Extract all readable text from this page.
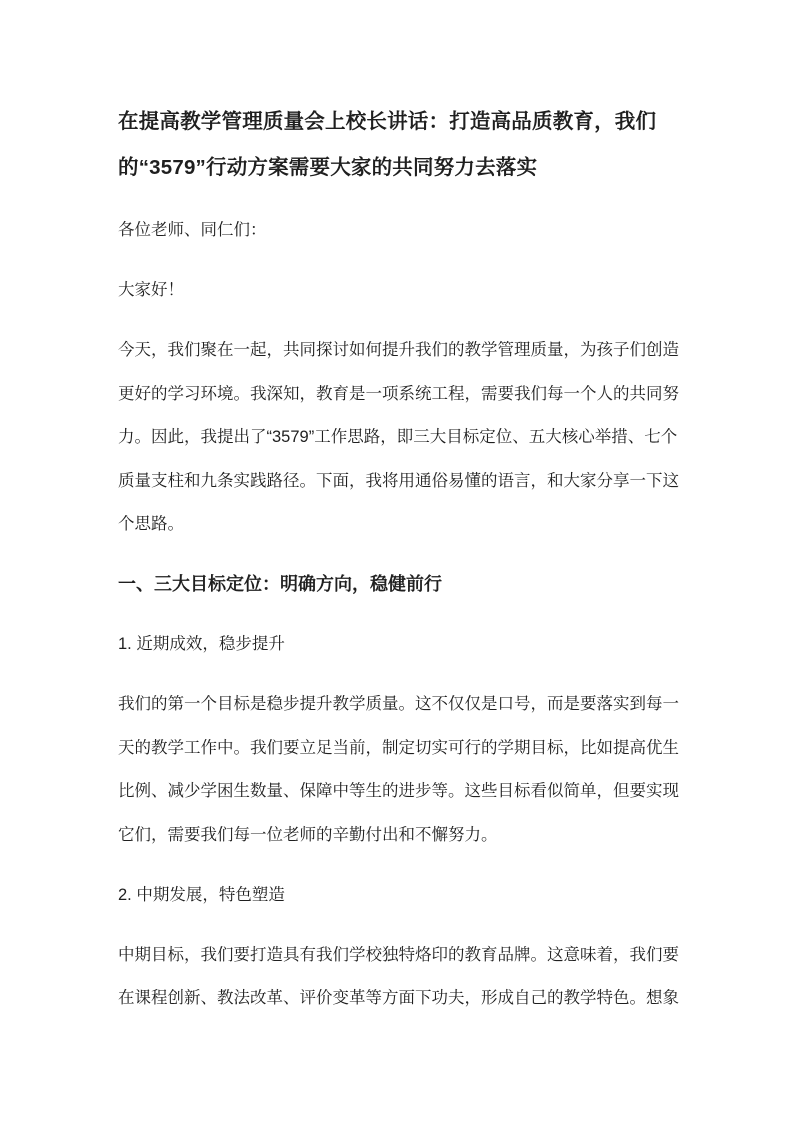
在提高教学管理质量会上校长讲话：打造高品质教育，我们的“3579”行动方案需要大家的共同努力去落实

各位老师、同仁们：

大家好！

今天，我们聚在一起，共同探讨如何提升我们的教学管理质量，为孩子们创造更好的学习环境。我深知，教育是一项系统工程，需要我们每一个人的共同努力。因此，我提出了“3579”工作思路，即三大目标定位、五大核心举措、七个质量支柱和九条实践路径。下面，我将用通俗易懂的语言，和大家分享一下这个思路。

一、三大目标定位：明确方向，稳健前行

1. 近期成效，稳步提升

我们的第一个目标是稳步提升教学质量。这不仅仅是口号，而是要落实到每一天的教学工作中。我们要立足当前，制定切实可行的学期目标，比如提高优生比例、减少学困生数量、保障中等生的进步等。这些目标看似简单，但要实现它们，需要我们每一位老师的辛勤付出和不懈努力。

2. 中期发展，特色塑造

中期目标，我们要打造具有我们学校独特烙印的教育品牌。这意味着，我们要在课程创新、教法改革、评价变革等方面下功夫，形成自己的教学特色。想象
